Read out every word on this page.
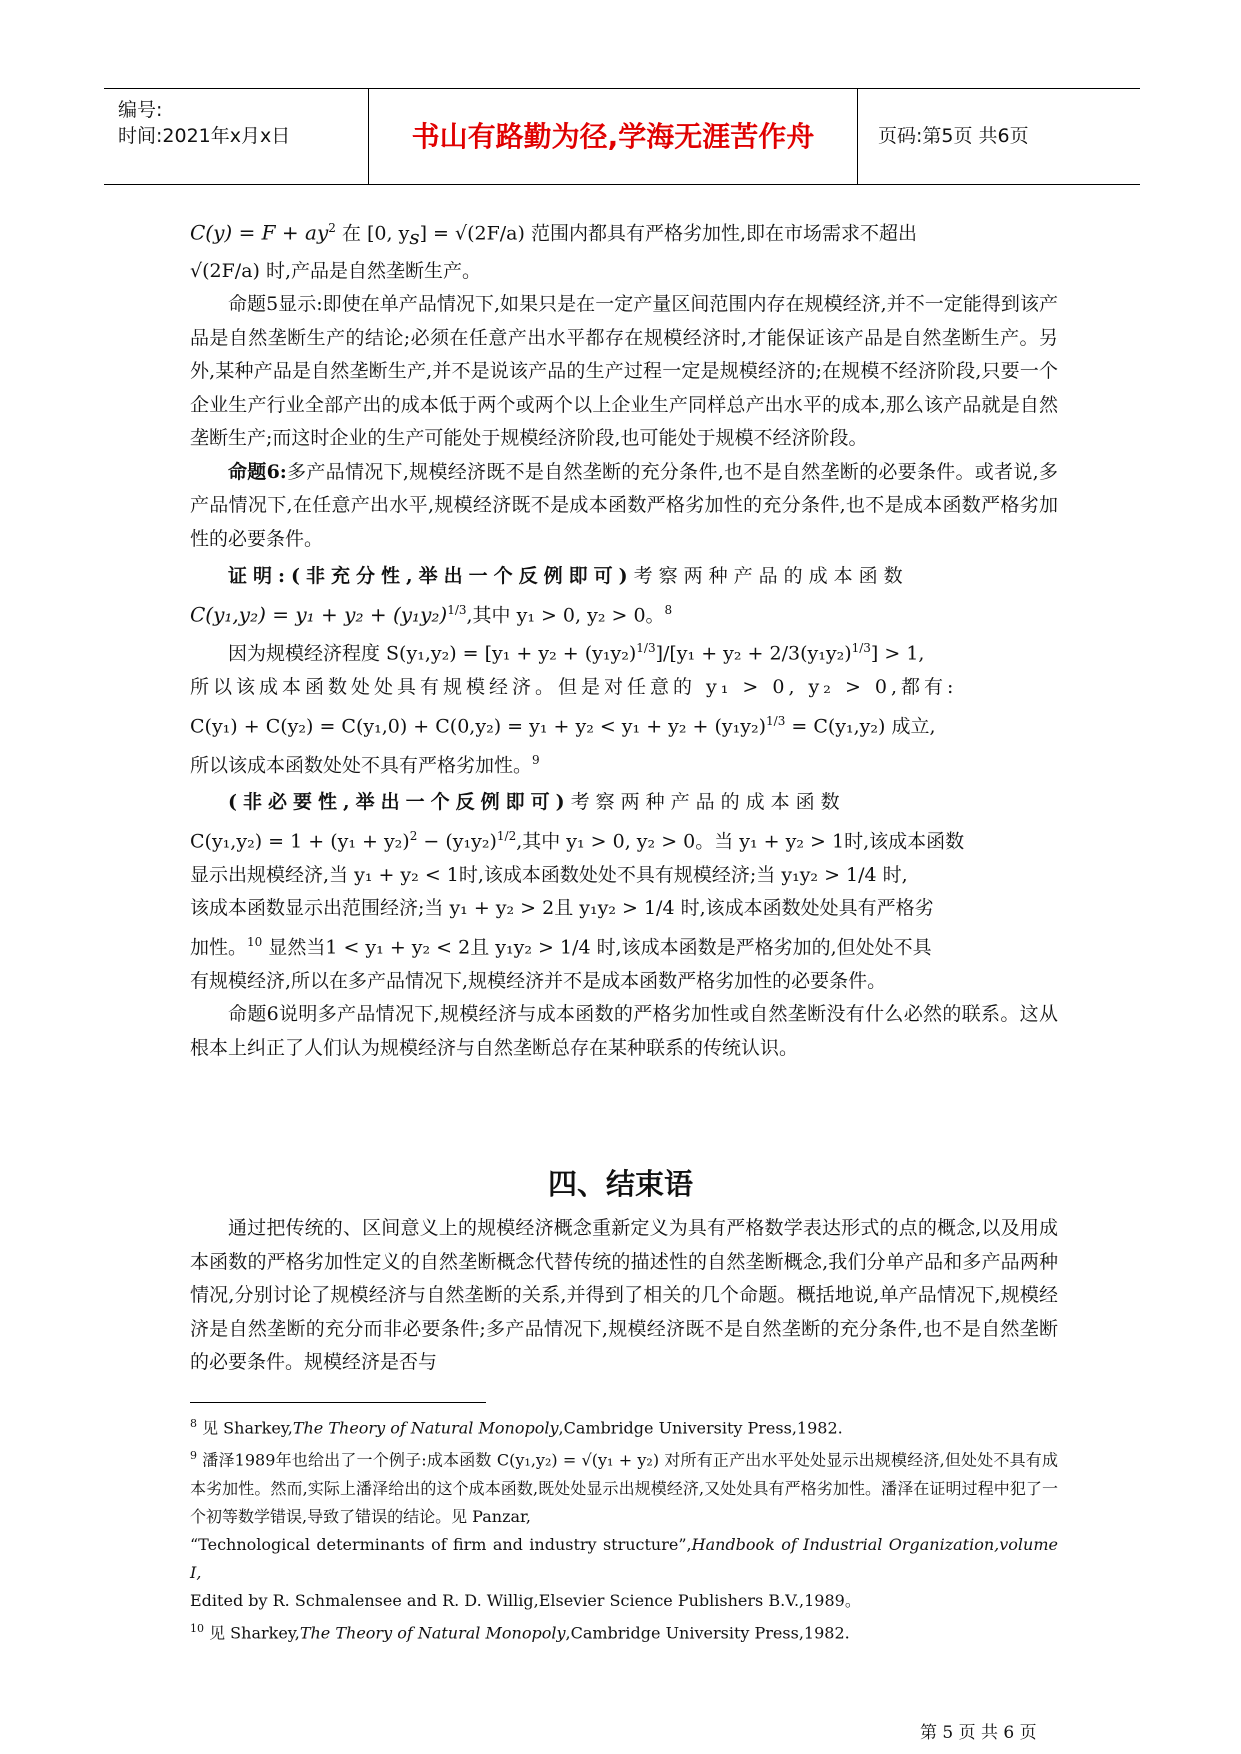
编号:
时间:2021年x月x日	书山有路勤为径,学海无涯苦作舟	页码:第5页 共6页

$C(y) = F + ay^2$ 在 [0, $y_s] = √(2F/a)$ 范围内都具有严格劣加性,即在市场需求不超出
√(2F/a) 时,产品是自然垄断生产。

命题5显示:即使在单产品情况下,如果只是在一定产量区间范围内存在规模经济,并不一定能得到该产品是自然垄断生产的结论;必须在任意产出水平都存在规模经济时,才能保证该产品是自然垄断生产。另外,某种产品是自然垄断生产,并不是说该产品的生产过程一定是规模经济的;在规模不经济阶段,只要一个企业生产行业全部产出的成本低于两个或两个以上企业生产同样总产出水平的成本,那么该产品就是自然垄断生产;而这时企业的生产可能处于规模经济阶段,也可能处于规模不经济阶段。

命题6:多产品情况下,规模经济既不是自然垄断的充分条件,也不是自然垄断的必要条件。或者说,多产品情况下,在任意产出水平,规模经济既不是成本函数严格劣加性的充分条件,也不是成本函数严格劣加性的必要条件。

证明:(非充分性,举出一个反例即可)考察两种产品的成本函数
$C(y_1,y_2) = y_1 + y_2 + (y_1y_2)^{1/3}$,其中 y₁ > 0, y₂ > 0。$^8$

因为规模经济程度 $S(y_1,y_2) = [y_1 + y_2 + (y_1y_2)^{1/3}]/[y_1 + y_2 + 2/3(y_1y_2)^{1/3}] > 1$,

所以该成本函数处处具有规模经济。但是对任意的 y₁ > 0, y₂ > 0,都有:

$C(y_1) + C(y_2) = C(y_1,0) + C(0,y_2) = y_1 + y_2 < y_1 + y_2 + (y_1y_2)^{1/3} = C(y_1,y_2)$ 成立,

所以该成本函数处处不具有严格劣加性。$^9$

(非必要性,举出一个反例即可)考察两种产品的成本函数

$C(y_1,y_2) = 1 + (y_1 + y_2)^2 - (y_1y_2)^{1/2}$,其中 y₁ > 0, y₂ > 0。当 y₁ + y₂ > 1时,该成本函数

显示出规模经济,当 y₁ + y₂ < 1时,该成本函数处处不具有规模经济;当 y₁y₂ > 1/4 时,

该成本函数显示出范围经济;当 y₁ + y₂ > 2且 y₁y₂ > 1/4 时,该成本函数处处具有严格劣

加性。$^{10}$ 显然当1 < y₁ + y₂ < 2且 y₁y₂ > 1/4 时,该成本函数是严格劣加的,但处处不具

有规模经济,所以在多产品情况下,规模经济并不是成本函数严格劣加性的必要条件。

命题6说明多产品情况下,规模经济与成本函数的严格劣加性或自然垄断没有什么必然的联系。这从根本上纠正了人们认为规模经济与自然垄断总存在某种联系的传统认识。

四、结束语

通过把传统的、区间意义上的规模经济概念重新定义为具有严格数学表达形式的点的概念,以及用成本函数的严格劣加性定义的自然垄断概念代替传统的描述性的自然垄断概念,我们分单产品和多产品两种情况,分别讨论了规模经济与自然垄断的关系,并得到了相关的几个命题。概括地说,单产品情况下,规模经济是自然垄断的充分而非必要条件;多产品情况下,规模经济既不是自然垄断的充分条件,也不是自然垄断的必要条件。规模经济是否与

$^8$ 见 Sharkey,The Theory of Natural Monopoly,Cambridge University Press,1982.

$^9$ 潘泽1989年也给出了一个例子:成本函数 C(y₁,y₂) = √(y₁ + y₂) 对所有正产出水平处处显示出规模经济,但处处不具有成本劣加性。然而,实际上潘泽给出的这个成本函数,既处处显示出规模经济,又处处具有严格劣加性。潘泽在证明过程中犯了一个初等数学错误,导致了错误的结论。见 Panzar,
“Technological determinants of firm and industry structure”,Handbook of Industrial Organization,volume Ⅰ,
Edited by R. Schmalensee and R. D. Willig,Elsevier Science Publishers B.V.,1989。

$^{10}$ 见 Sharkey,The Theory of Natural Monopoly,Cambridge University Press,1982.

第 5 页 共 6 页
